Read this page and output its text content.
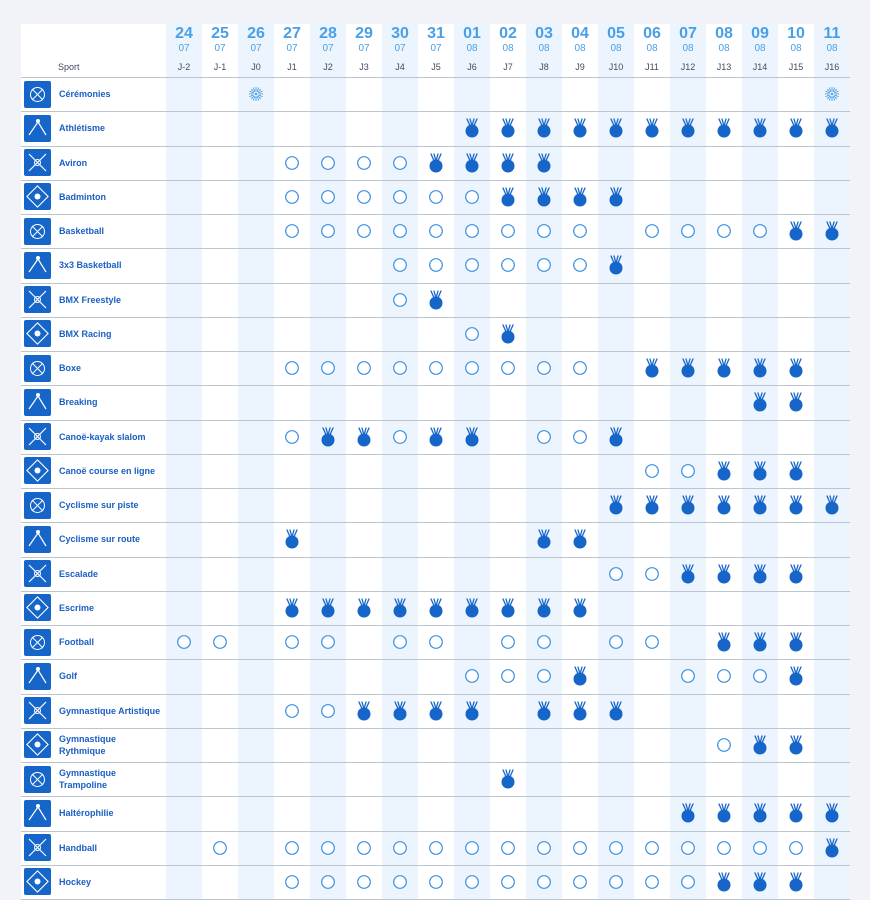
Sport
24
07
J-2
25
07
J-1
26
07
J0
27
07
J1
28
07
J2
29
07
J3
30
07
J4
31
07
J5
01
08
J6
02
08
J7
03
08
J8
04
08
J9
05
08
J10
06
08
J11
07
08
J12
08
08
J13
09
08
J14
10
08
J15
11
08
J16
Cérémonies
Athlétisme
Aviron
Badminton
Basketball
3x3 Basketball
BMX Freestyle
BMX Racing
Boxe
Breaking
Canoë-kayak slalom
Canoë course en ligne
Cyclisme sur piste
Cyclisme sur route
Escalade
Escrime
Football
Golf
Gymnastique Artistique
Gymnastique Rythmique
Gymnastique Trampoline
Haltérophilie
Handball
Hockey
